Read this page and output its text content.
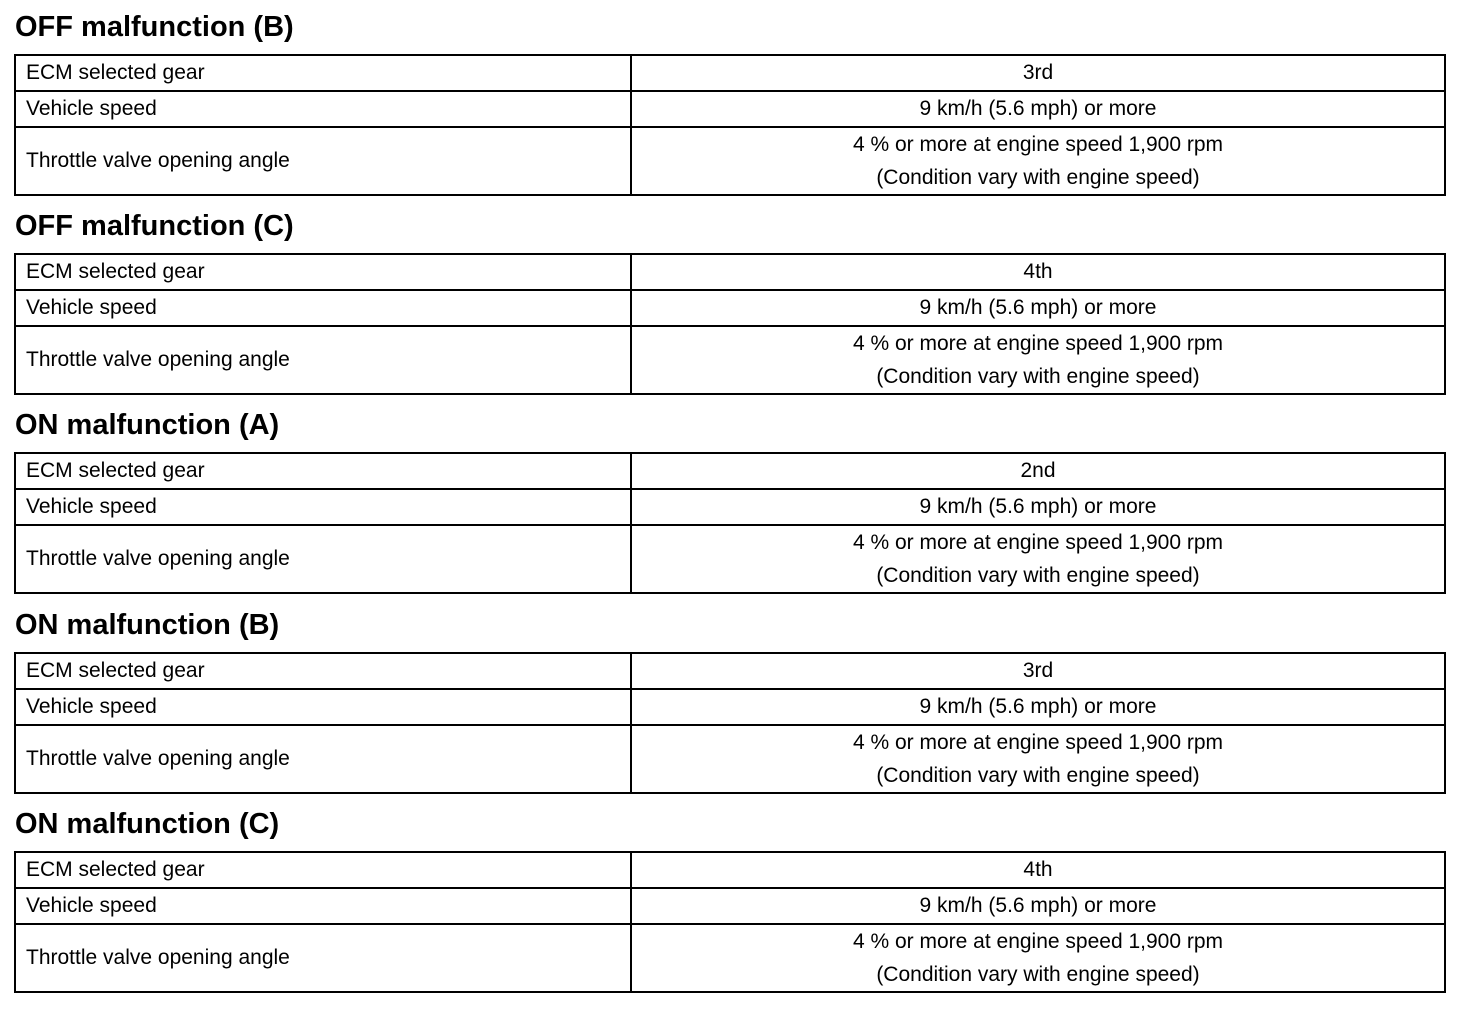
OFF malfunction (B)
ECM selected gear	3rd
Vehicle speed	9 km/h (5.6 mph) or more
Throttle valve opening angle	4 % or more at engine speed 1,900 rpm
(Condition vary with engine speed)
OFF malfunction (C)
ECM selected gear	4th
Vehicle speed	9 km/h (5.6 mph) or more
Throttle valve opening angle	4 % or more at engine speed 1,900 rpm
(Condition vary with engine speed)
ON malfunction (A)
ECM selected gear	2nd
Vehicle speed	9 km/h (5.6 mph) or more
Throttle valve opening angle	4 % or more at engine speed 1,900 rpm
(Condition vary with engine speed)
ON malfunction (B)
ECM selected gear	3rd
Vehicle speed	9 km/h (5.6 mph) or more
Throttle valve opening angle	4 % or more at engine speed 1,900 rpm
(Condition vary with engine speed)
ON malfunction (C)
ECM selected gear	4th
Vehicle speed	9 km/h (5.6 mph) or more
Throttle valve opening angle	4 % or more at engine speed 1,900 rpm
(Condition vary with engine speed)
